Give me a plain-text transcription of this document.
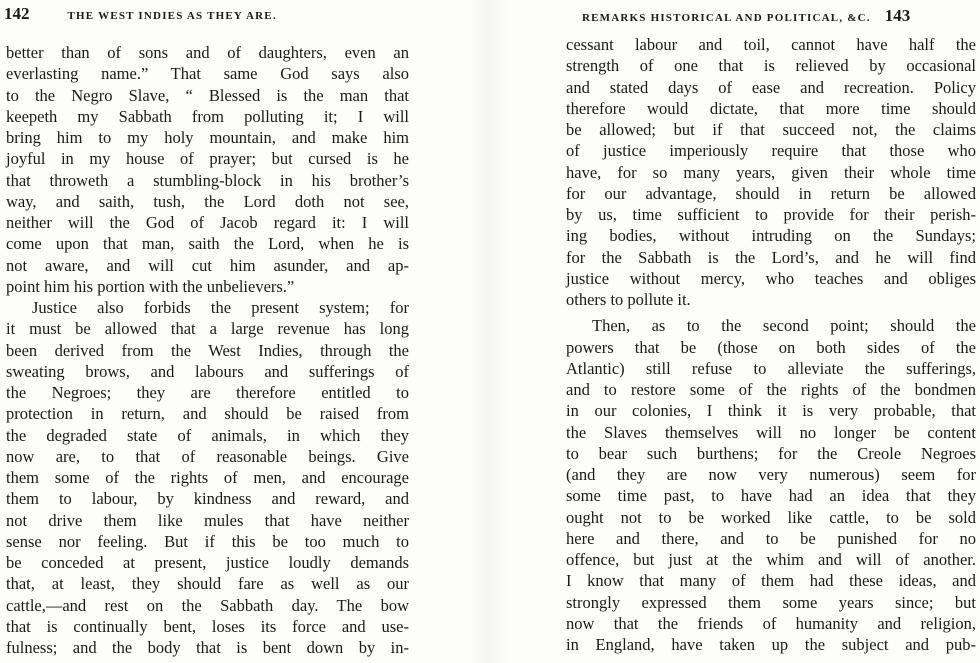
142	THE WEST INDIES AS THEY ARE.
better than of sons and of daughters, even an
everlasting name.” That same God says also
to the Negro Slave, “ Blessed is the man that
keepeth my Sabbath from polluting it; I will
bring him to my holy mountain, and make him
joyful in my house of prayer; but cursed is he
that throweth a stumbling-block in his brother’s
way, and saith, tush, the Lord doth not see,
neither will the God of Jacob regard it: I will
come upon that man, saith the Lord, when he is
not aware, and will cut him asunder, and ap-
point him his portion with the unbelievers.”
Justice also forbids the present system; for
it must be allowed that a large revenue has long
been derived from the West Indies, through the
sweating brows, and labours and sufferings of
the Negroes; they are therefore entitled to
protection in return, and should be raised from
the degraded state of animals, in which they
now are, to that of reasonable beings. Give
them some of the rights of men, and encourage
them to labour, by kindness and reward, and
not drive them like mules that have neither
sense nor feeling. But if this be too much to
be conceded at present, justice loudly demands
that, at least, they should fare as well as our
cattle,—and rest on the Sabbath day. The bow
that is continually bent, loses its force and use-
fulness; and the body that is bent down by in-
REMARKS HISTORICAL AND POLITICAL, &C. 143
cessant labour and toil, cannot have half the
strength of one that is relieved by occasional
and stated days of ease and recreation. Policy
therefore would dictate, that more time should
be allowed; but if that succeed not, the claims
of justice imperiously require that those who
have, for so many years, given their whole time
for our advantage, should in return be allowed
by us, time sufficient to provide for their perish-
ing bodies, without intruding on the Sundays;
for the Sabbath is the Lord’s, and he will find
justice without mercy, who teaches and obliges
others to pollute it.
Then, as to the second point; should the
powers that be (those on both sides of the
Atlantic) still refuse to alleviate the sufferings,
and to restore some of the rights of the bondmen
in our colonies, I think it is very probable, that
the Slaves themselves will no longer be content
to bear such burthens; for the Creole Negroes
(and they are now very numerous) seem for
some time past, to have had an idea that they
ought not to be worked like cattle, to be sold
here and there, and to be punished for no
offence, but just at the whim and will of another.
I know that many of them had these ideas, and
strongly expressed them some years since; but
now that the friends of humanity and religion,
in England, have taken up the subject and pub-
